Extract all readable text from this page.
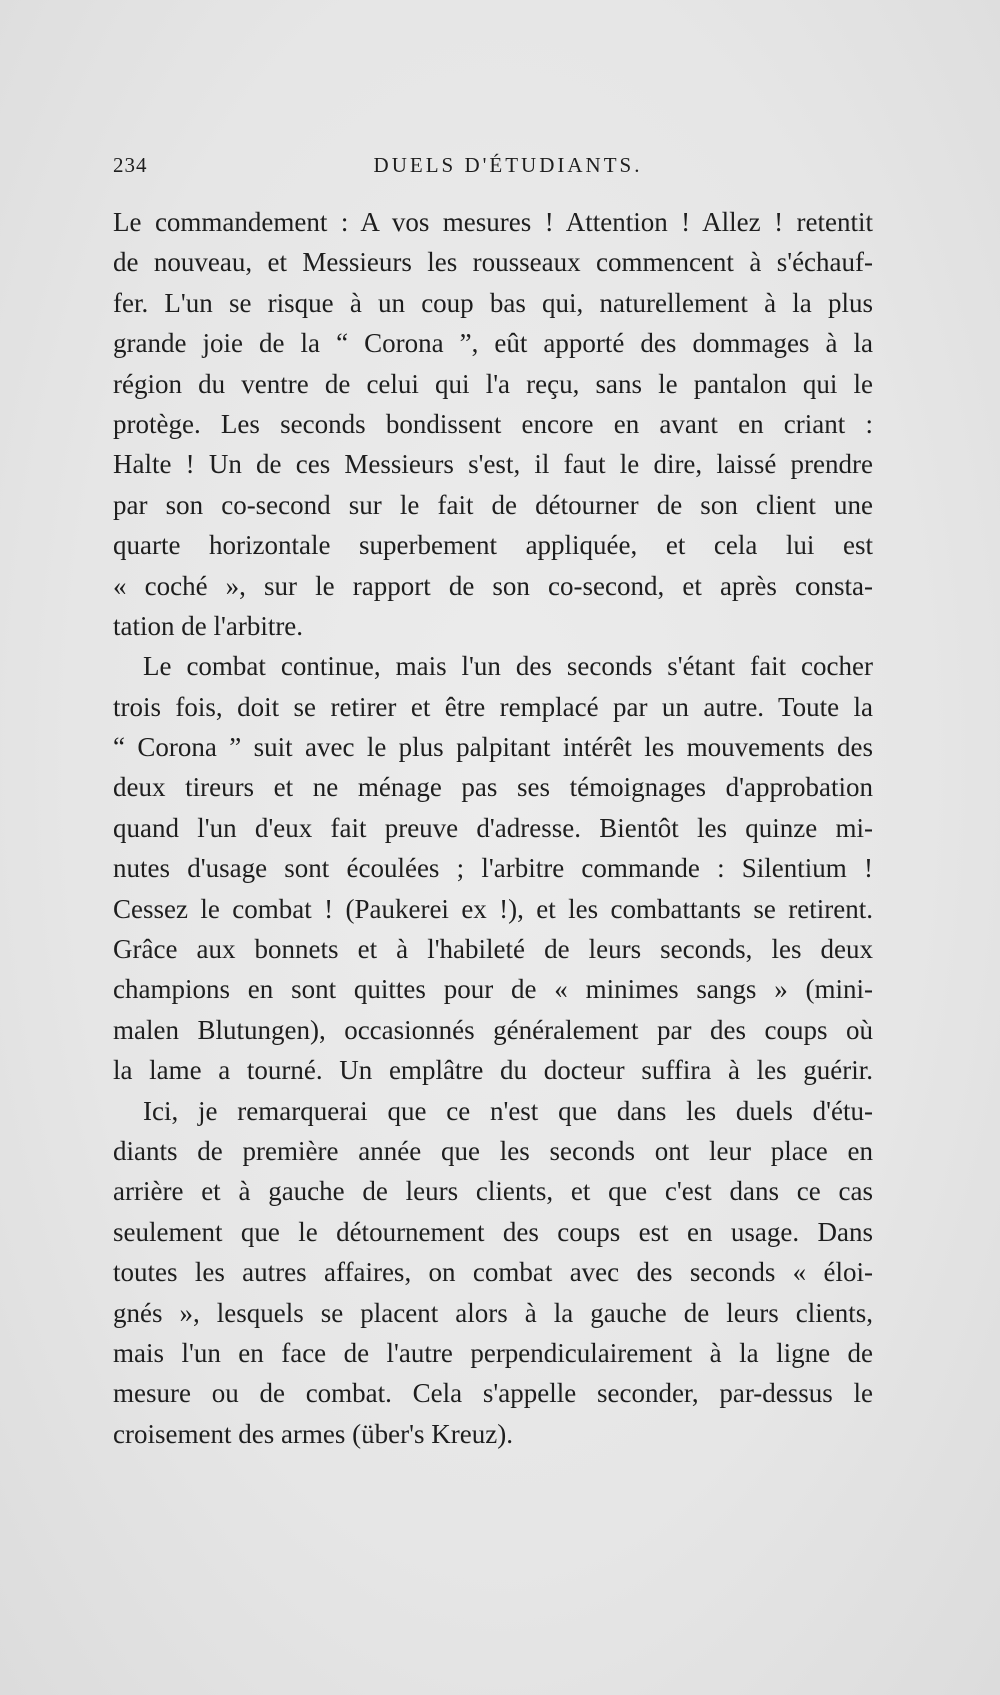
234	DUELS D'ÉTUDIANTS.
Le commandement : A vos mesures ! Attention ! Allez ! retentit
de nouveau, et Messieurs les rousseaux commencent à s'échauf-
fer. L'un se risque à un coup bas qui, naturellement à la plus
grande joie de la “ Corona ”, eût apporté des dommages à la
région du ventre de celui qui l'a reçu, sans le pantalon qui le
protège. Les seconds bondissent encore en avant en criant :
Halte ! Un de ces Messieurs s'est, il faut le dire, laissé prendre
par son co-second sur le fait de détourner de son client une
quarte horizontale superbement appliquée, et cela lui est
« coché », sur le rapport de son co-second, et après consta-
tation de l'arbitre.
Le combat continue, mais l'un des seconds s'étant fait cocher
trois fois, doit se retirer et être remplacé par un autre. Toute la
“ Corona ” suit avec le plus palpitant intérêt les mouvements des
deux tireurs et ne ménage pas ses témoignages d'approbation
quand l'un d'eux fait preuve d'adresse. Bientôt les quinze mi-
nutes d'usage sont écoulées ; l'arbitre commande : Silentium !
Cessez le combat ! (Paukerei ex !), et les combattants se retirent.
Grâce aux bonnets et à l'habileté de leurs seconds, les deux
champions en sont quittes pour de « minimes sangs » (mini-
malen Blutungen), occasionnés généralement par des coups où
la lame a tourné. Un emplâtre du docteur suffira à les guérir.
Ici, je remarquerai que ce n'est que dans les duels d'étu-
diants de première année que les seconds ont leur place en
arrière et à gauche de leurs clients, et que c'est dans ce cas
seulement que le détournement des coups est en usage. Dans
toutes les autres affaires, on combat avec des seconds « éloi-
gnés », lesquels se placent alors à la gauche de leurs clients,
mais l'un en face de l'autre perpendiculairement à la ligne de
mesure ou de combat. Cela s'appelle seconder, par-dessus le
croisement des armes (über's Kreuz).
